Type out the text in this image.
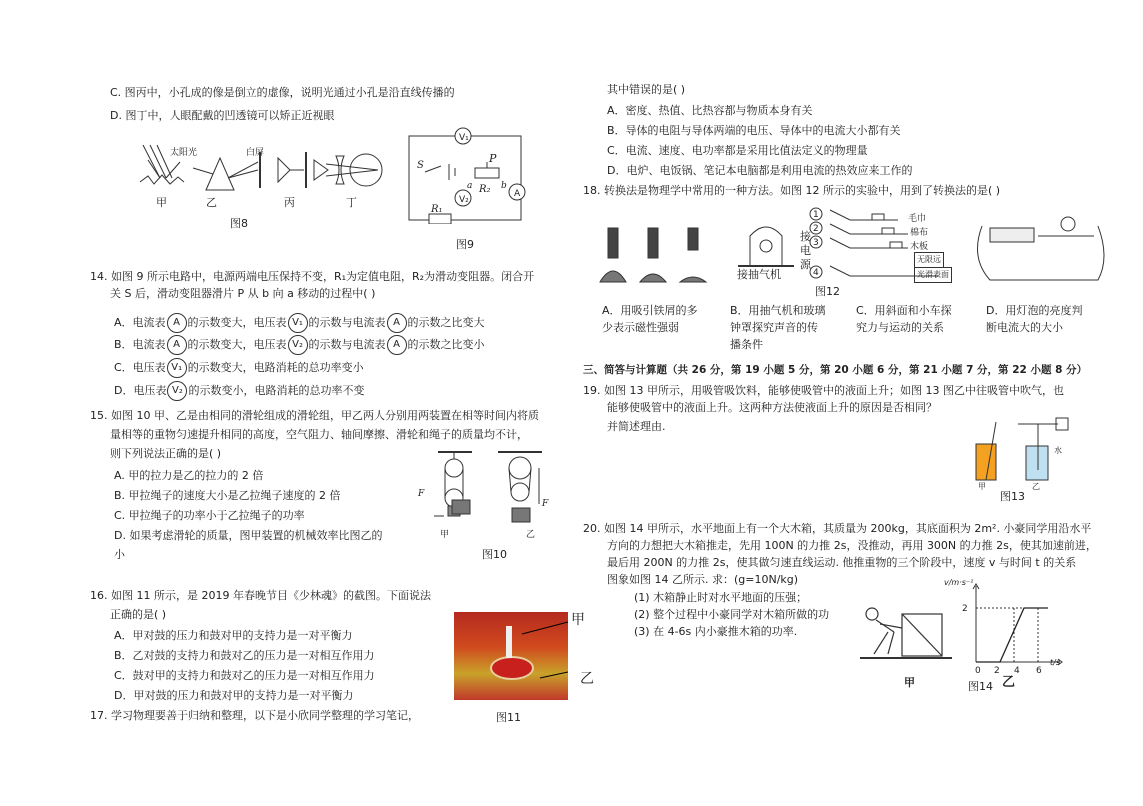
C. 图丙中，小孔成的像是倒立的虚像，说明光通过小孔是沿直线传播的
D. 图丁中，人眼配戴的凹透镜可以矫正近视眼
甲	乙	丙	丁
太阳光	白屏
图8
V₁
V₂
A
S
P
R₂
a	b
R₁
图9
14. 如图 9 所示电路中，电源两端电压保持不变，R₁为定值电阻，R₂为滑动变阻器。闭合开
关 S 后，滑动变阻器滑片 P 从 b 向 a 移动的过程中( )
A．电流表 A 的示数变大，电压表 V₁ 的示数与电流表 A 的示数之比变大
B．电流表 A 的示数变大，电压表 V₂ 的示数与电流表 A 的示数之比变小
C．电压表 V₁ 的示数变大，电路消耗的总功率变小
D．电压表 V₂ 的示数变小，电路消耗的总功率不变
15. 如图 10 甲、乙是由相同的滑轮组成的滑轮组，甲乙两人分别用两装置在相等时间内将质
量相等的重物匀速提升相同的高度，空气阻力、轴间摩擦、滑轮和绳子的质量均不计，
则下列说法正确的是( )
A. 甲的拉力是乙的拉力的 2 倍
B. 甲拉绳子的速度大小是乙拉绳子速度的 2 倍
C. 甲拉绳子的功率小于乙拉绳子的功率
D. 如果考虑滑轮的质量，图甲装置的机械效率比图乙的
小
F
F
甲	乙
图10
16. 如图 11 所示，是 2019 年春晚节目《少林魂》的截图。下面说法
正确的是( )
A．甲对鼓的压力和鼓对甲的支持力是一对平衡力
B．乙对鼓的支持力和鼓对乙的压力是一对相互作用力
C．鼓对甲的支持力和鼓对乙的压力是一对相互作用力
D．甲对鼓的压力和鼓对甲的支持力是一对平衡力
甲
乙
图11
17. 学习物理要善于归纳和整理，以下是小欣同学整理的学习笔记，
其中错误的是( )
A．密度、热值、比热容都与物质本身有关
B．导体的电阻与导体两端的电压、导体中的电流大小都有关
C．电流、速度、电功率都是采用比值法定义的物理量
D．电炉、电饭锅、笔记本电脑都是利用电流的热效应来工作的
18. 转换法是物理学中常用的一种方法。如图 12 所示的实验中，用到了转换法的是( )
1
2
3
4
毛巾
棉布
木板
光滑表面
无限远
接抽气机
接电源
图12
A．用吸引铁屑的多
少表示磁性强弱
B．用抽气机和玻璃
钟罩探究声音的传
播条件
C．用斜面和小车探
究力与运动的关系
D．用灯泡的亮度判
断电流大的大小
三、简答与计算题（共 26 分，第 19 小题 5 分，第 20 小题 6 分，第 21 小题 7 分，第 22 小题 8 分）
19. 如图 13 甲所示，用吸管吸饮料，能够使吸管中的液面上升；如图 13 图乙中往吸管中吹气，也
能够使吸管中的液面上升。这两种方法使液面上升的原因是否相同？
并简述理由.
甲	乙
水
图13
20. 如图 14 甲所示，水平地面上有一个大木箱，其质量为 200kg，其底面积为 2m². 小豪同学用沿水平
方向的力想把大木箱推走，先用 100N 的力推 2s，没推动，再用 300N 的力推 2s，使其加速前进，
最后用 200N 的力推 2s，使其做匀速直线运动. 他推重物的三个阶段中，速度 v 与时间 t 的关系
图象如图 14 乙所示. 求：(g=10N/kg)
(1) 木箱静止时对水平地面的压强；
(2) 整个过程中小豪同学对木箱所做的功
(3) 在 4-6s 内小豪推木箱的功率.
甲
2
0 2 4 6
v/m·s⁻¹
t/s
图14 乙
